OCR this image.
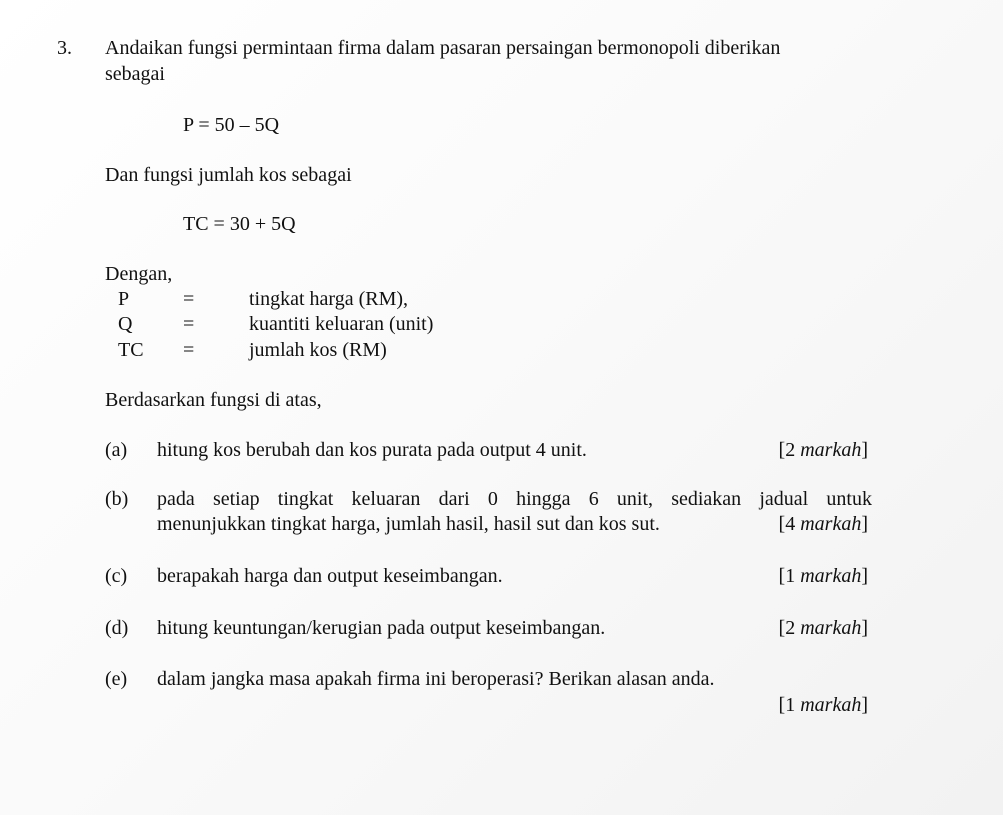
3. Andaikan fungsi permintaan firma dalam pasaran persaingan bermonopoli diberikan
sebagai
P = 50 – 5Q
Dan fungsi jumlah kos sebagai
TC = 30 + 5Q
Dengan,
P	=	tingkat harga (RM),
Q	=	kuantiti keluaran (unit)
TC =	jumlah kos (RM)
Berdasarkan fungsi di atas,
(a) hitung kos berubah dan kos purata pada output 4 unit.	[2 markah]
(b) pada setiap tingkat keluaran dari 0 hingga 6 unit, sediakan jadual untuk
menunjukkan tingkat harga, jumlah hasil, hasil sut dan kos sut.	[4 markah]
(c) berapakah harga dan output keseimbangan.	[1 markah]
(d) hitung keuntungan/kerugian pada output keseimbangan.	[2 markah]
(e) dalam jangka masa apakah firma ini beroperasi? Berikan alasan anda.
[1 markah]
